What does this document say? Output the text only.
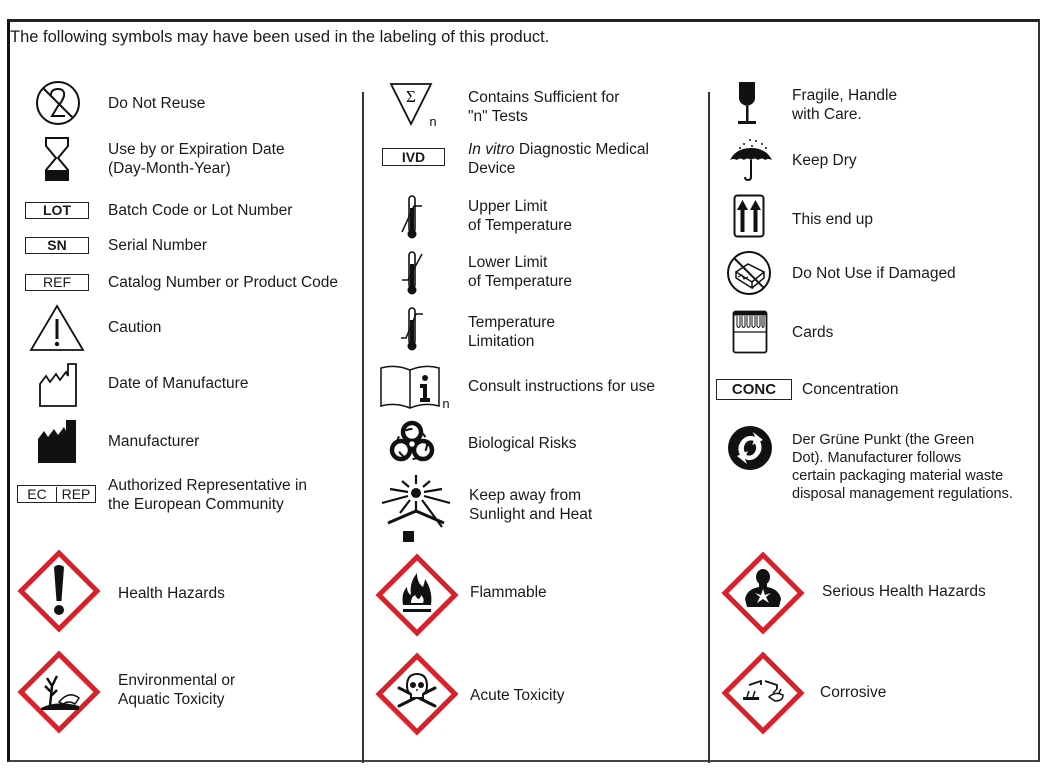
The following symbols may have been used in the labeling of this product.
Do Not Reuse
Use by or Expiration Date
(Day-Month-Year)
LOT	Batch Code or Lot Number
SN	Serial Number
REF	Catalog Number or Product Code
Caution
Date of Manufacture
Manufacturer
EC	REP Authorized Representative in
the European Community
Health Hazards
Environmental or
Aquatic Toxicity
Σ
n
Contains Sufficient for
"n" Tests
IVD	In vitro Diagnostic Medical
Device
Upper Limit
of Temperature
Lower Limit
of Temperature
Temperature
Limitation
n
Consult instructions for use
Biological Risks
Keep away from
Sunlight and Heat
Flammable
Acute Toxicity
Fragile, Handle
with Care.
Keep Dry
This end up
Do Not Use if Damaged
Cards
CONC	Concentration
Der Grüne Punkt (the Green
Dot). Manufacturer follows
certain packaging material waste
disposal management regulations.
Serious Health Hazards
Corrosive
